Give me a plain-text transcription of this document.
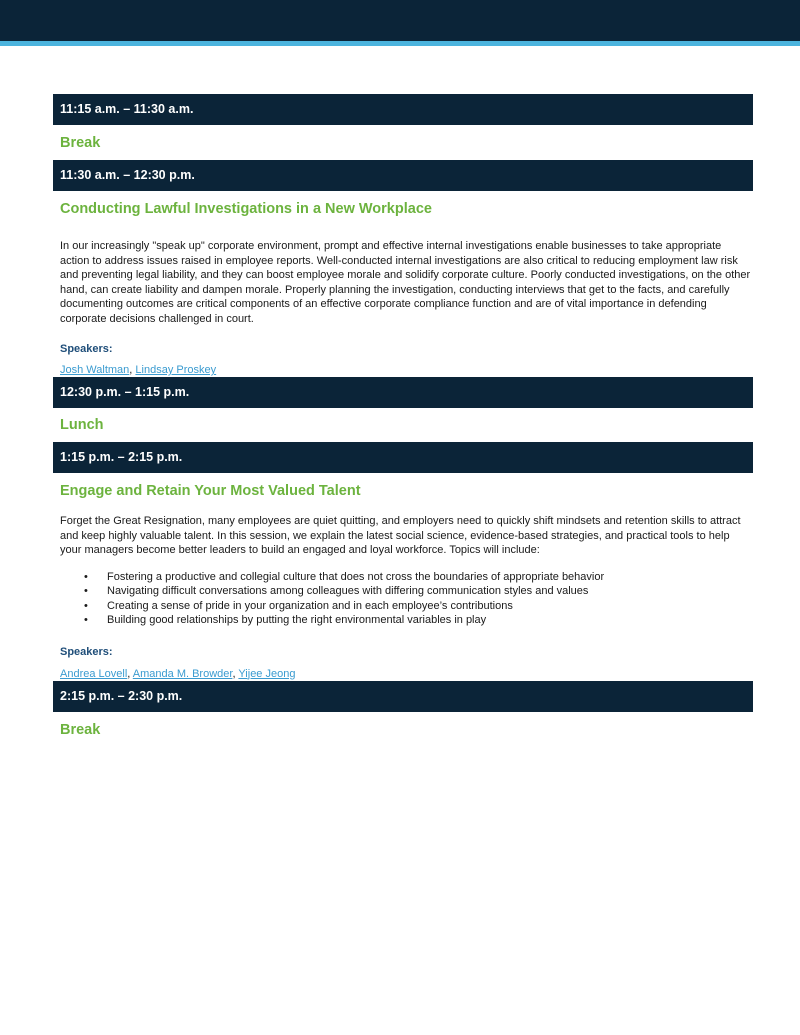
11:15 a.m. – 11:30 a.m.
Break
11:30 a.m. – 12:30 p.m.
Conducting Lawful Investigations in a New Workplace

In our increasingly "speak up" corporate environment, prompt and effective internal investigations enable businesses to take appropriate action to address issues raised in employee reports. Well-conducted internal investigations are also critical to reducing employment law risk and preventing legal liability, and they can boost employee morale and solidify corporate culture. Poorly conducted investigations, on the other hand, can create liability and dampen morale. Properly planning the investigation, conducting interviews that get to the facts, and carefully documenting outcomes are critical components of an effective corporate compliance function and are of vital importance in defending corporate decisions challenged in court.

Speakers:
Josh Waltman, Lindsay Proskey
12:30 p.m. – 1:15 p.m.
Lunch
1:15 p.m. – 2:15 p.m.
Engage and Retain Your Most Valued Talent

Forget the Great Resignation, many employees are quiet quitting, and employers need to quickly shift mindsets and retention skills to attract and keep highly valuable talent. In this session, we explain the latest social science, evidence-based strategies, and practical tools to help your managers become better leaders to build an engaged and loyal workforce. Topics will include:

• Fostering a productive and collegial culture that does not cross the boundaries of appropriate behavior
• Navigating difficult conversations among colleagues with differing communication styles and values
• Creating a sense of pride in your organization and in each employee’s contributions
• Building good relationships by putting the right environmental variables in play
Speakers:
Andrea Lovell, Amanda M. Browder, Yijee Jeong
2:15 p.m. – 2:30 p.m.
Break
